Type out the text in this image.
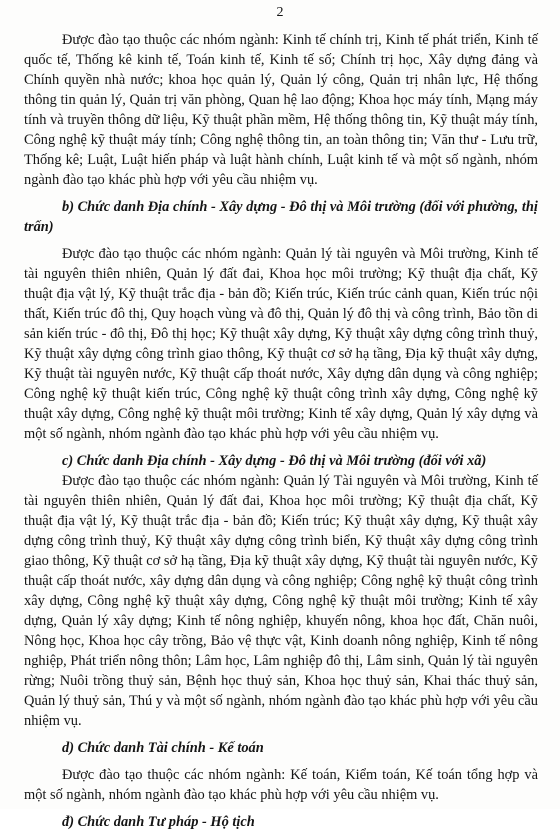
2

Được đào tạo thuộc các nhóm ngành: Kinh tế chính trị, Kinh tế phát triển, Kinh tế quốc tế, Thống kê kinh tế, Toán kinh tế, Kinh tế số; Chính trị học, Xây dựng đảng và Chính quyền nhà nước; khoa học quản lý, Quản lý công, Quản trị nhân lực, Hệ thống thông tin quản lý, Quản trị văn phòng, Quan hệ lao động; Khoa học máy tính, Mạng máy tính và truyền thông dữ liệu, Kỹ thuật phần mềm, Hệ thống thông tin, Kỹ thuật máy tính, Công nghệ kỹ thuật máy tính; Công nghệ thông tin, an toàn thông tin; Văn thư - Lưu trữ, Thống kê; Luật, Luật hiến pháp và luật hành chính, Luật kinh tế và một số ngành, nhóm ngành đào tạo khác phù hợp với yêu cầu nhiệm vụ.

b) Chức danh Địa chính - Xây dựng - Đô thị và Môi trường (đối với phường, thị trấn)

Được đào tạo thuộc các nhóm ngành: Quản lý tài nguyên và Môi trường, Kinh tế tài nguyên thiên nhiên, Quản lý đất đai, Khoa học môi trường; Kỹ thuật địa chất, Kỹ thuật địa vật lý, Kỹ thuật trắc địa - bản đồ; Kiến trúc, Kiến trúc cảnh quan, Kiến trúc nội thất, Kiến trúc đô thị, Quy hoạch vùng và đô thị, Quản lý đô thị và công trình, Bảo tồn di sản kiến trúc - đô thị, Đô thị học; Kỹ thuật xây dựng, Kỹ thuật xây dựng công trình thuỷ, Kỹ thuật xây dựng công trình giao thông, Kỹ thuật cơ sở hạ tầng, Địa kỹ thuật xây dựng, Kỹ thuật tài nguyên nước, Kỹ thuật cấp thoát nước, Xây dựng dân dụng và công nghiệp; Công nghệ kỹ thuật kiến trúc, Công nghệ kỹ thuật công trình xây dựng, Công nghệ kỹ thuật xây dựng, Công nghệ kỹ thuật môi trường; Kinh tế xây dựng, Quản lý xây dựng và một số ngành, nhóm ngành đào tạo khác phù hợp với yêu cầu nhiệm vụ.

c) Chức danh Địa chính - Xây dựng - Đô thị và Môi trường (đối với xã)

Được đào tạo thuộc các nhóm ngành: Quản lý Tài nguyên và Môi trường, Kinh tế tài nguyên thiên nhiên, Quản lý đất đai, Khoa học môi trường; Kỹ thuật địa chất, Kỹ thuật địa vật lý, Kỹ thuật trắc địa - bản đồ; Kiến trúc; Kỹ thuật xây dựng, Kỹ thuật xây dựng công trình thuỷ, Kỹ thuật xây dựng công trình biển, Kỹ thuật xây dựng công trình giao thông, Kỹ thuật cơ sở hạ tầng, Địa kỹ thuật xây dựng, Kỹ thuật tài nguyên nước, Kỹ thuật cấp thoát nước, xây dựng dân dụng và công nghiệp; Công nghệ kỹ thuật công trình xây dựng, Công nghệ kỹ thuật xây dựng, Công nghệ kỹ thuật môi trường; Kinh tế xây dựng, Quản lý xây dựng; Kinh tế nông nghiệp, khuyến nông, khoa học đất, Chăn nuôi, Nông học, Khoa học cây trồng, Bảo vệ thực vật, Kinh doanh nông nghiệp, Kinh tế nông nghiệp, Phát triển nông thôn; Lâm học, Lâm nghiệp đô thị, Lâm sinh, Quản lý tài nguyên rừng; Nuôi trồng thuỷ sản, Bệnh học thuỷ sản, Khoa học thuỷ sản, Khai thác thuỷ sản, Quản lý thuỷ sản, Thú y và một số ngành, nhóm ngành đào tạo khác phù hợp với yêu cầu nhiệm vụ.

d) Chức danh Tài chính - Kế toán

Được đào tạo thuộc các nhóm ngành: Kế toán, Kiểm toán, Kế toán tổng hợp và một số ngành, nhóm ngành đào tạo khác phù hợp với yêu cầu nhiệm vụ.

đ) Chức danh Tư pháp - Hộ tịch
